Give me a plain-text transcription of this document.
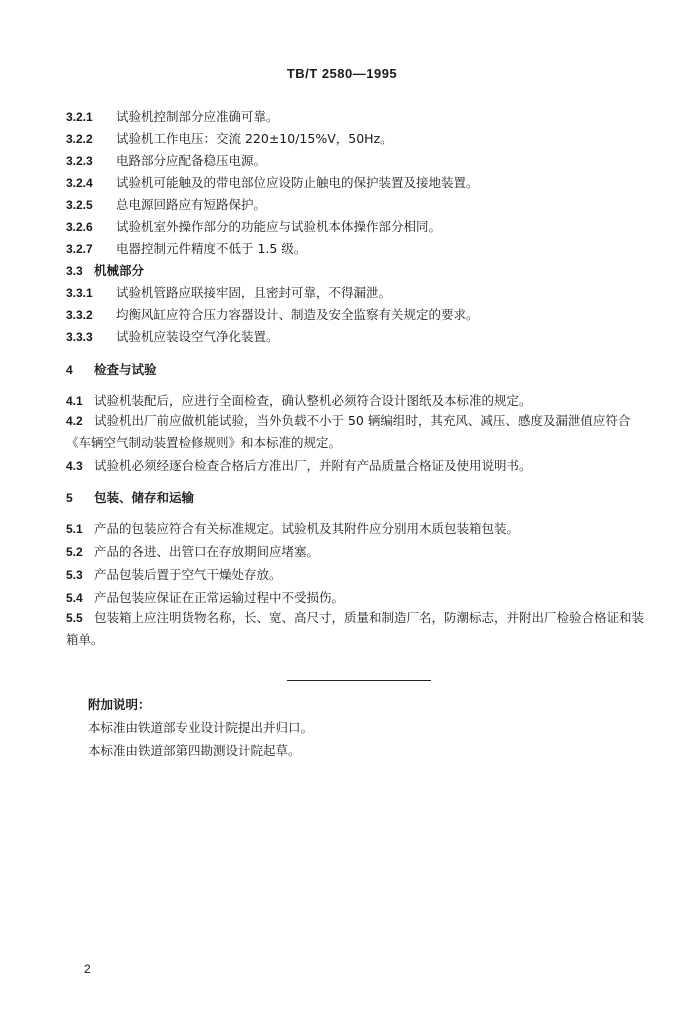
TB/T 2580—1995
3.2.1 试验机控制部分应准确可靠。
3.2.2 试验机工作电压：交流 220±10/15%V，50Hz。
3.2.3 电路部分应配备稳压电源。
3.2.4 试验机可能触及的带电部位应设防止触电的保护装置及接地装置。
3.2.5 总电源回路应有短路保护。
3.2.6 试验机室外操作部分的功能应与试验机本体操作部分相同。
3.2.7 电器控制元件精度不低于 1.5 级。
3.3 机械部分
3.3.1 试验机管路应联接牢固，且密封可靠，不得漏泄。
3.3.2 均衡风缸应符合压力容器设计、制造及安全监察有关规定的要求。
3.3.3 试验机应装设空气净化装置。
4 检查与试验
4.1 试验机装配后，应进行全面检查，确认整机必须符合设计图纸及本标准的规定。
4.2 试验机出厂前应做机能试验，当外负载不小于 50 辆编组时，其充风、减压、感度及漏泄值应符合《车辆空气制动装置检修规则》和本标准的规定。
4.3 试验机必须经逐台检查合格后方准出厂，并附有产品质量合格证及使用说明书。
5 包装、储存和运输
5.1 产品的包装应符合有关标准规定。试验机及其附件应分别用木质包装箱包装。
5.2 产品的各进、出管口在存放期间应堵塞。
5.3 产品包装后置于空气干燥处存放。
5.4 产品包装应保证在正常运输过程中不受损伤。
5.5 包装箱上应注明货物名称，长、宽、高尺寸，质量和制造厂名，防潮标志，并附出厂检验合格证和装箱单。
附加说明：
本标准由铁道部专业设计院提出并归口。
本标准由铁道部第四勘测设计院起草。
2
